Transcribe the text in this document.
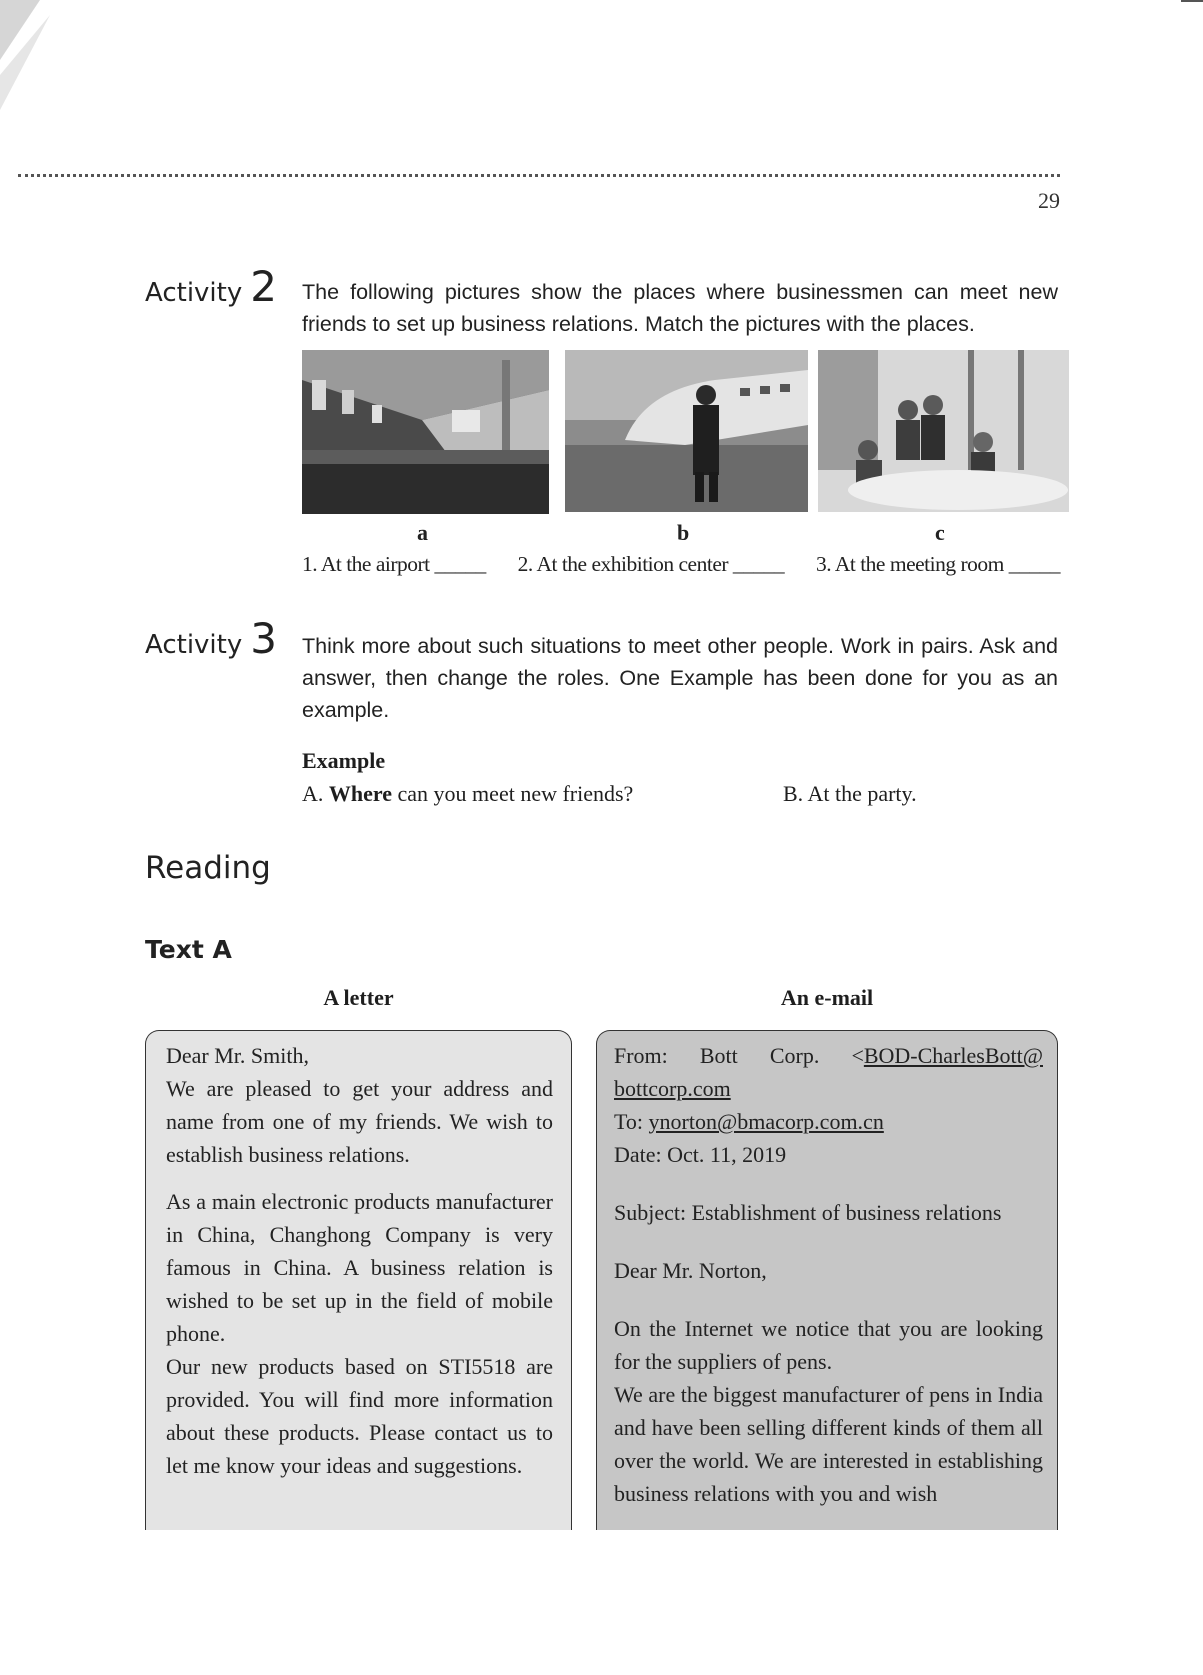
29
Activity 2 The following pictures show the places where businessmen can meet new friends to set up business relations. Match the pictures with the places.
a	b	c
1. At the airport _____ 2. At the exhibition center _____ 3. At the meeting room _____
Activity 3 Think more about such situations to meet other people. Work in pairs. Ask and answer, then change the roles. One Example has been done for you as an example.
Example
A. Where can you meet new friends?	B. At the party.
Reading
Text A
A letter	An e-mail

Dear Mr. Smith,

We are pleased to get your address and name from one of my friends. We wish to establish business relations.

As a main electronic products manufacturer in China, Changhong Company is very famous in China. A business relation is wished to be set up in the field of mobile phone.

Our new products based on STI5518 are provided. You will find more information about these products. Please contact us to let me know your ideas and suggestions.

From: Bott Corp. <BOD-CharlesBott@ bottcorp.com

To: ynorton@bmacorp.com.cn

Date: Oct. 11, 2019

Subject: Establishment of business relations

Dear Mr. Norton,

On the Internet we notice that you are looking for the suppliers of pens.

We are the biggest manufacturer of pens in India and have been selling different kinds of them all over the world. We are interested in establishing business relations with you and wish
